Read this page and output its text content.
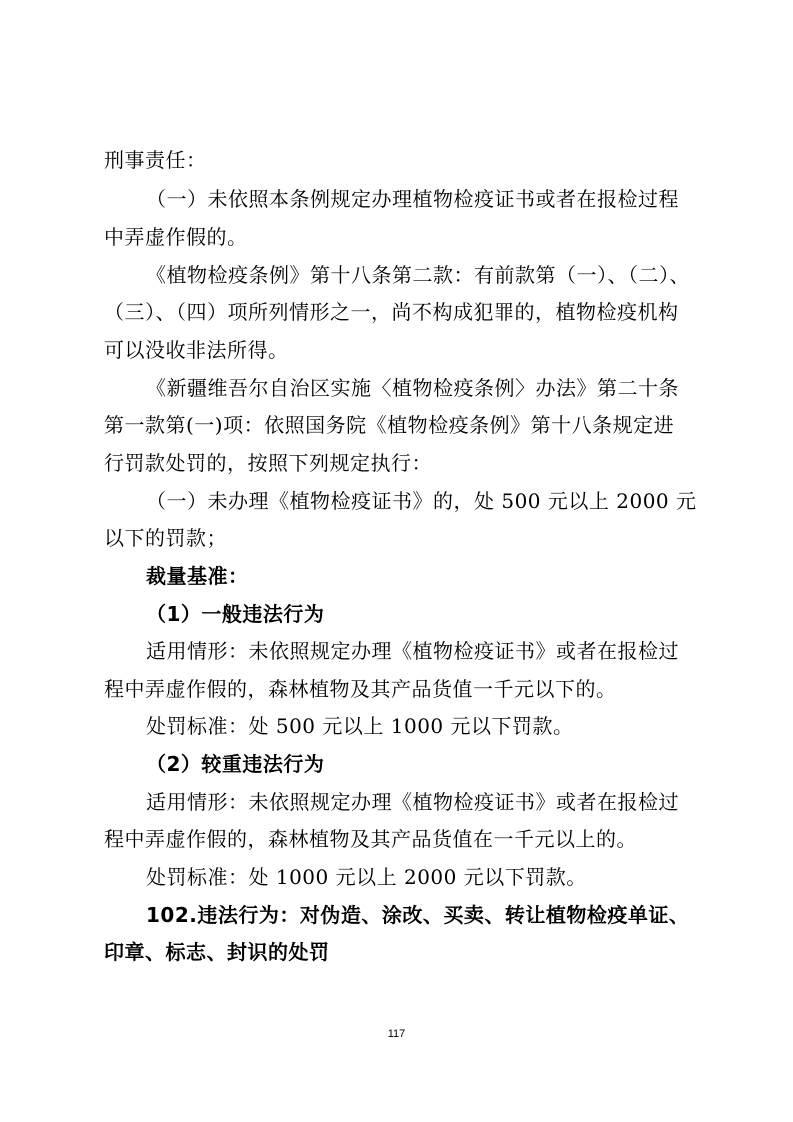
刑事责任：
（一）未依照本条例规定办理植物检疫证书或者在报检过程
中弄虚作假的。
《植物检疫条例》第十八条第二款：有前款第（一）、（二）、
（三）、（四）项所列情形之一，尚不构成犯罪的，植物检疫机构
可以没收非法所得。
《新疆维吾尔自治区实施〈植物检疫条例〉办法》第二十条
第一款第(一)项：依照国务院《植物检疫条例》第十八条规定进
行罚款处罚的，按照下列规定执行：
（一）未办理《植物检疫证书》的，处 500 元以上 2000 元
以下的罚款；
裁量基准：
（1）一般违法行为
适用情形：未依照规定办理《植物检疫证书》或者在报检过
程中弄虚作假的，森林植物及其产品货值一千元以下的。
处罚标准：处 500 元以上 1000 元以下罚款。
（2）较重违法行为
适用情形：未依照规定办理《植物检疫证书》或者在报检过
程中弄虚作假的，森林植物及其产品货值在一千元以上的。
处罚标准：处 1000 元以上 2000 元以下罚款。
102.违法行为：对伪造、涂改、买卖、转让植物检疫单证、
印章、标志、封识的处罚
117
